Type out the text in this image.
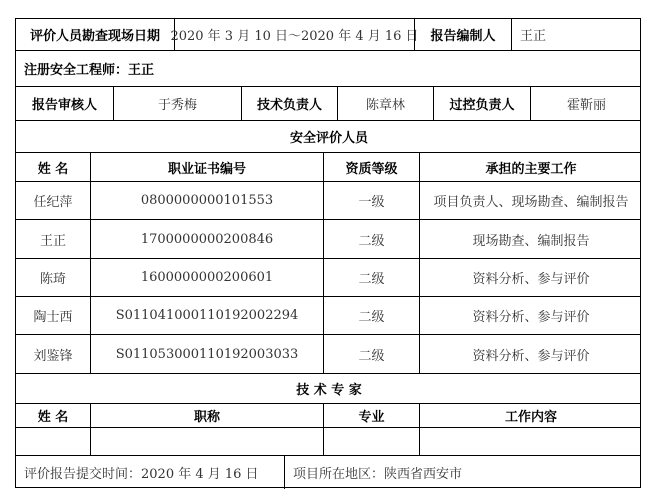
评价人员勘查现场日期 2020 年 3 月 10 日～2020 年 4 月 16 日 报告编制人	王正
注册安全工程师：王正
报告审核人	于秀梅	技术负责人	陈章林	过控负责人	霍靳丽
安全评价人员
姓 名	职业证书编号	资质等级	承担的主要工作
任纪萍	0800000000101553	一级	项目负责人、现场勘查、编制报告
王正	1700000000200846	二级	现场勘查、编制报告
陈琦	1600000000200601	二级	资料分析、参与评价
陶士西	S011041000110192002294	二级	资料分析、参与评价
刘鉴锋	S011053000110192003033	二级	资料分析、参与评价
技 术 专 家
姓 名	职称	专业	工作内容
评价报告提交时间：2020 年 4 月 16 日	项目所在地区：陕西省西安市
